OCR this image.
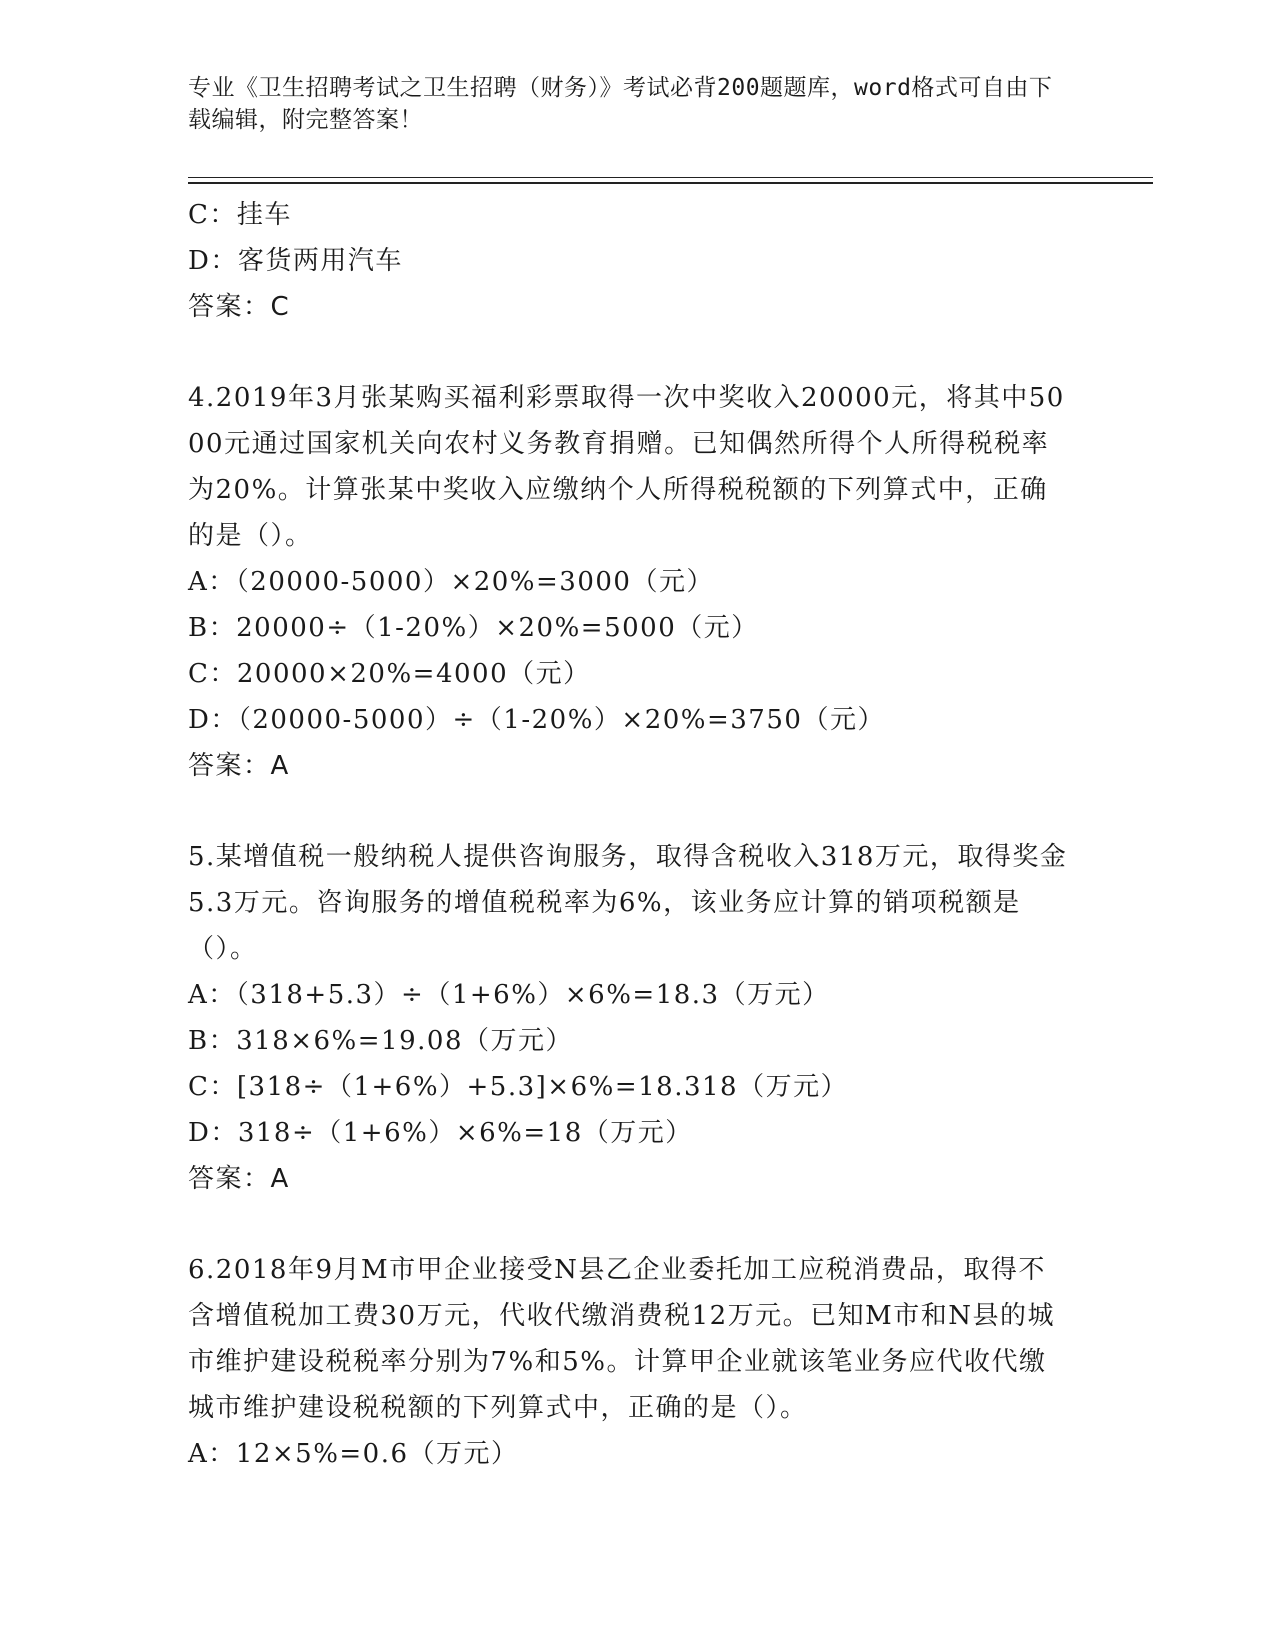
专业《卫生招聘考试之卫生招聘（财务）》考试必背200题题库，word格式可自由下载编辑，附完整答案！
C：挂车
D：客货两用汽车
答案：C
4.2019年3月张某购买福利彩票取得一次中奖收入20000元，将其中5000元通过国家机关向农村义务教育捐赠。已知偶然所得个人所得税税率为20%。计算张某中奖收入应缴纳个人所得税税额的下列算式中，正确的是（）。
A：（20000-5000）×20%=3000（元）
B：20000÷（1-20%）×20%=5000（元）
C：20000×20%=4000（元）
D：（20000-5000）÷（1-20%）×20%=3750（元）
答案：A
5.某增值税一般纳税人提供咨询服务，取得含税收入318万元，取得奖金5.3万元。咨询服务的增值税税率为6%，该业务应计算的销项税额是（）。
A：（318+5.3）÷（1+6%）×6%=18.3（万元）
B：318×6%=19.08（万元）
C：[318÷（1+6%）+5.3]×6%=18.318（万元）
D：318÷（1+6%）×6%=18（万元）
答案：A
6.2018年9月M市甲企业接受N县乙企业委托加工应税消费品，取得不含增值税加工费30万元，代收代缴消费税12万元。已知M市和N县的城市维护建设税税率分别为7%和5%。计算甲企业就该笔业务应代收代缴城市维护建设税税额的下列算式中，正确的是（）。
A：12×5%=0.6（万元）
